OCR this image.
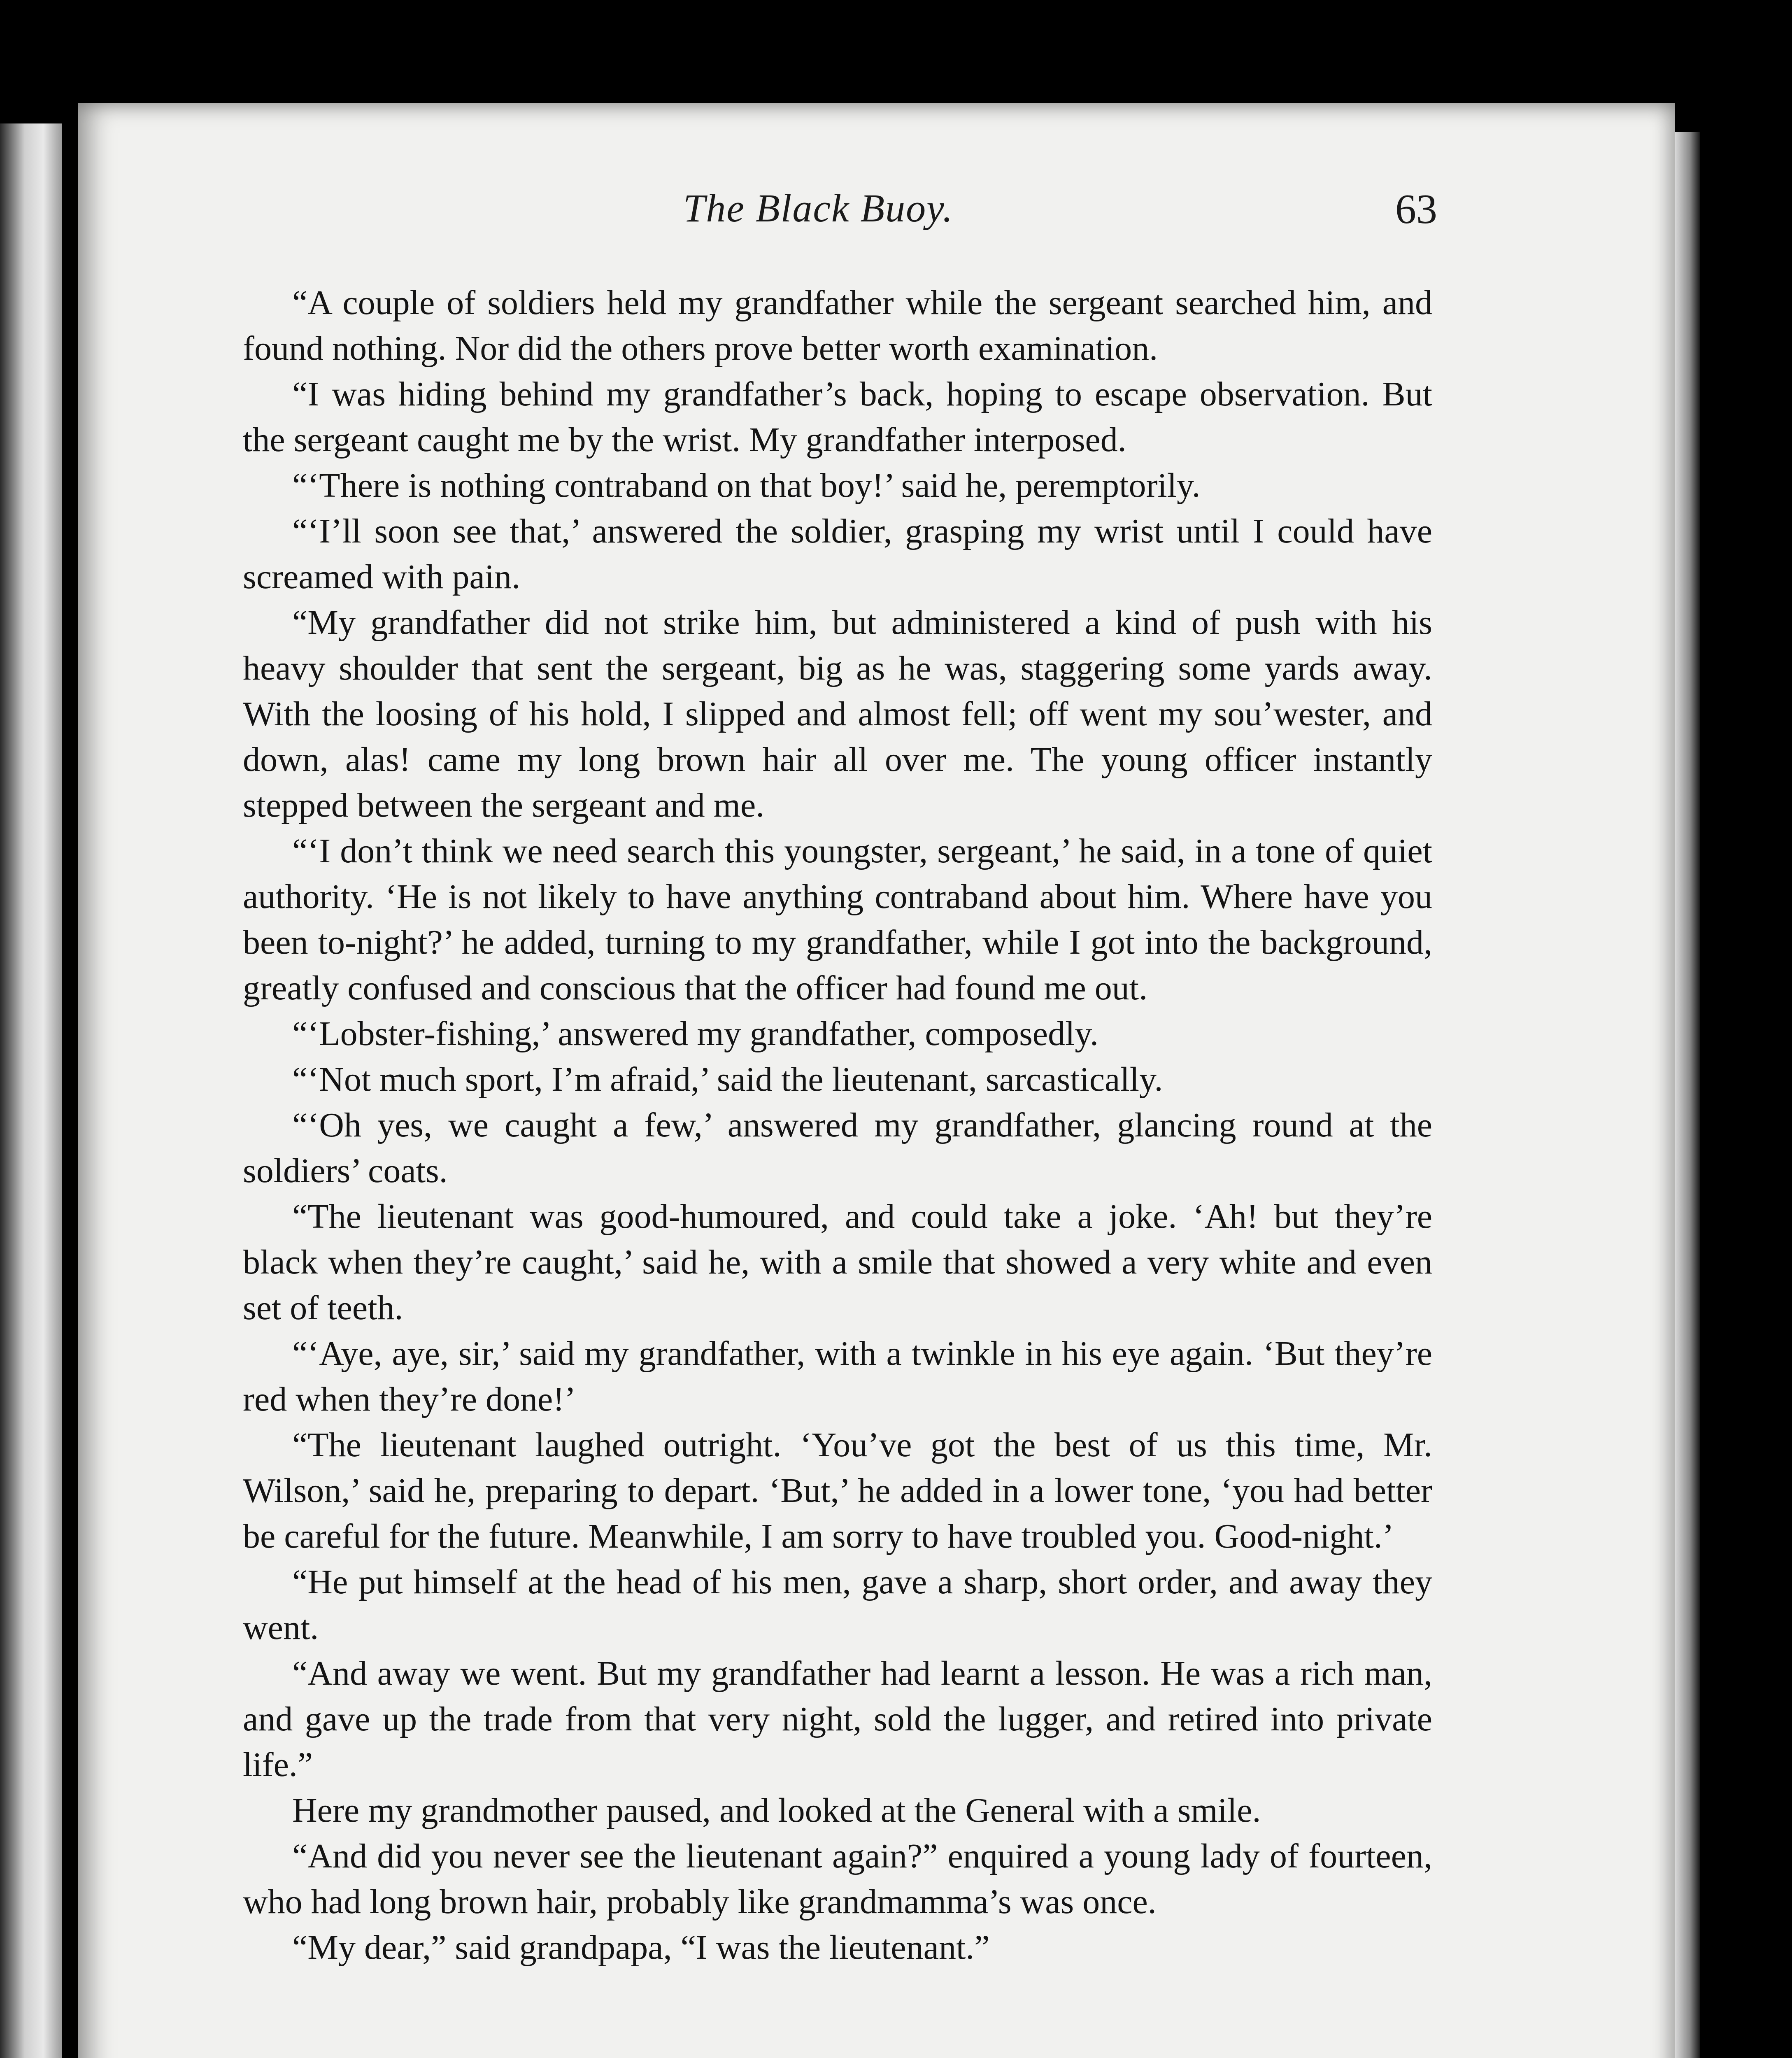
The Black Buoy.	63

“A couple of soldiers held my grandfather while the sergeant searched him, and found nothing. Nor did the others prove better worth examination.

“I was hiding behind my grandfather’s back, hoping to escape observation. But the sergeant caught me by the wrist. My grandfather interposed.

“‘There is nothing contraband on that boy!’ said he, peremptorily.

“‘I’ll soon see that,’ answered the soldier, grasping my wrist until I could have screamed with pain.

“My grandfather did not strike him, but administered a kind of push with his heavy shoulder that sent the sergeant, big as he was, staggering some yards away. With the loosing of his hold, I slipped and almost fell; off went my sou’wester, and down, alas! came my long brown hair all over me. The young officer instantly stepped between the sergeant and me.

“‘I don’t think we need search this youngster, sergeant,’ he said, in a tone of quiet authority. ‘He is not likely to have anything contraband about him. Where have you been to-night?’ he added, turning to my grandfather, while I got into the background, greatly confused and conscious that the officer had found me out.

“‘Lobster-fishing,’ answered my grandfather, composedly.

“‘Not much sport, I’m afraid,’ said the lieutenant, sarcastically.

“‘Oh yes, we caught a few,’ answered my grandfather, glancing round at the soldiers’ coats.

“The lieutenant was good-humoured, and could take a joke. ‘Ah! but they’re black when they’re caught,’ said he, with a smile that showed a very white and even set of teeth.

“‘Aye, aye, sir,’ said my grandfather, with a twinkle in his eye again. ‘But they’re red when they’re done!’

“The lieutenant laughed outright. ‘You’ve got the best of us this time, Mr. Wilson,’ said he, preparing to depart. ‘But,’ he added in a lower tone, ‘you had better be careful for the future. Meanwhile, I am sorry to have troubled you. Good-night.’

“He put himself at the head of his men, gave a sharp, short order, and away they went.

“And away we went. But my grandfather had learnt a lesson. He was a rich man, and gave up the trade from that very night, sold the lugger, and retired into private life.”

Here my grandmother paused, and looked at the General with a smile.

“And did you never see the lieutenant again?” enquired a young lady of fourteen, who had long brown hair, probably like grandmamma’s was once.

“My dear,” said grandpapa, “I was the lieutenant.”
